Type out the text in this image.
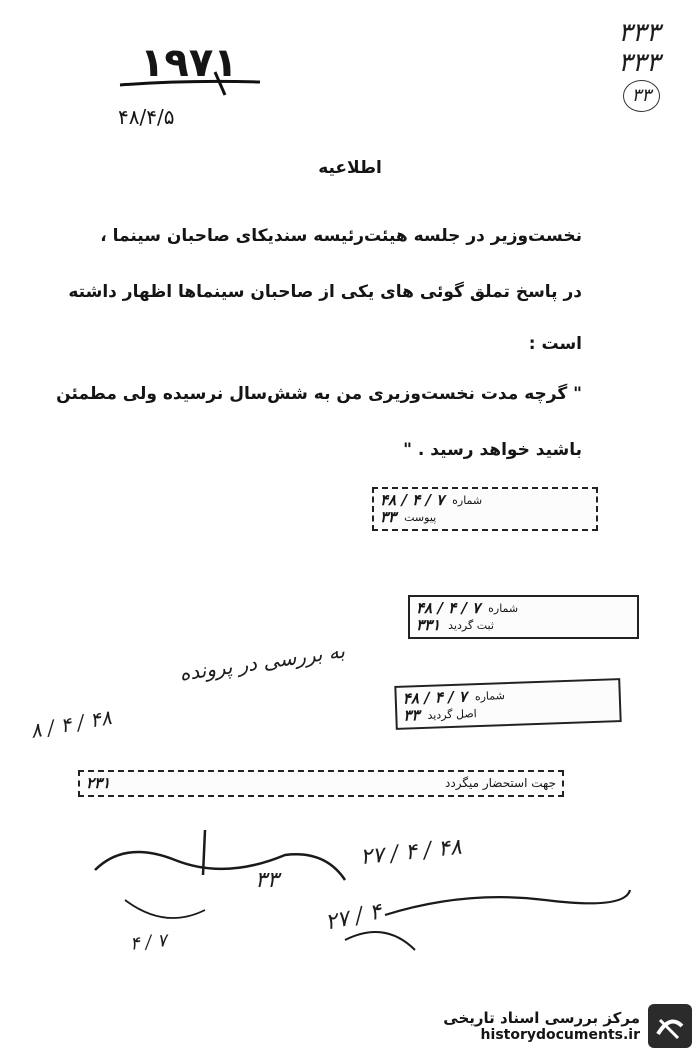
۳۳۳
۳۳۳
۳۳
۱۹۷۱
۴۸/۴/۵
اطلاعیه
نخست‌وزیر در جلسه هیئت‌رئیسه سندیکای صاحبان سینما ،
در پاسخ تملق گوئی های یکی از صاحبان سینماها اظهار داشته
است :
" گرچه مدت نخست‌وزیری من به شش‌سال نرسیده ولی مطمئن
باشید خواهد رسید . "
شماره
۷ / ۴ / ۴۸
پیوست
۳۳
شماره
۷ / ۴ / ۴۸
ثبت گردید
۳۳۱
شماره
۷ / ۴ / ۴۸
اصل گردید
۳۳
جهت استحضار میگردد
۲۳۱
به بررسی در پرونده
۸ / ۴ / ۴۸
۲۷ / ۴ / ۴۸
۳۳
۲۷ / ۴
۴ / ۷
مرکز بررسی اسناد تاریخی
historydocuments.ir
